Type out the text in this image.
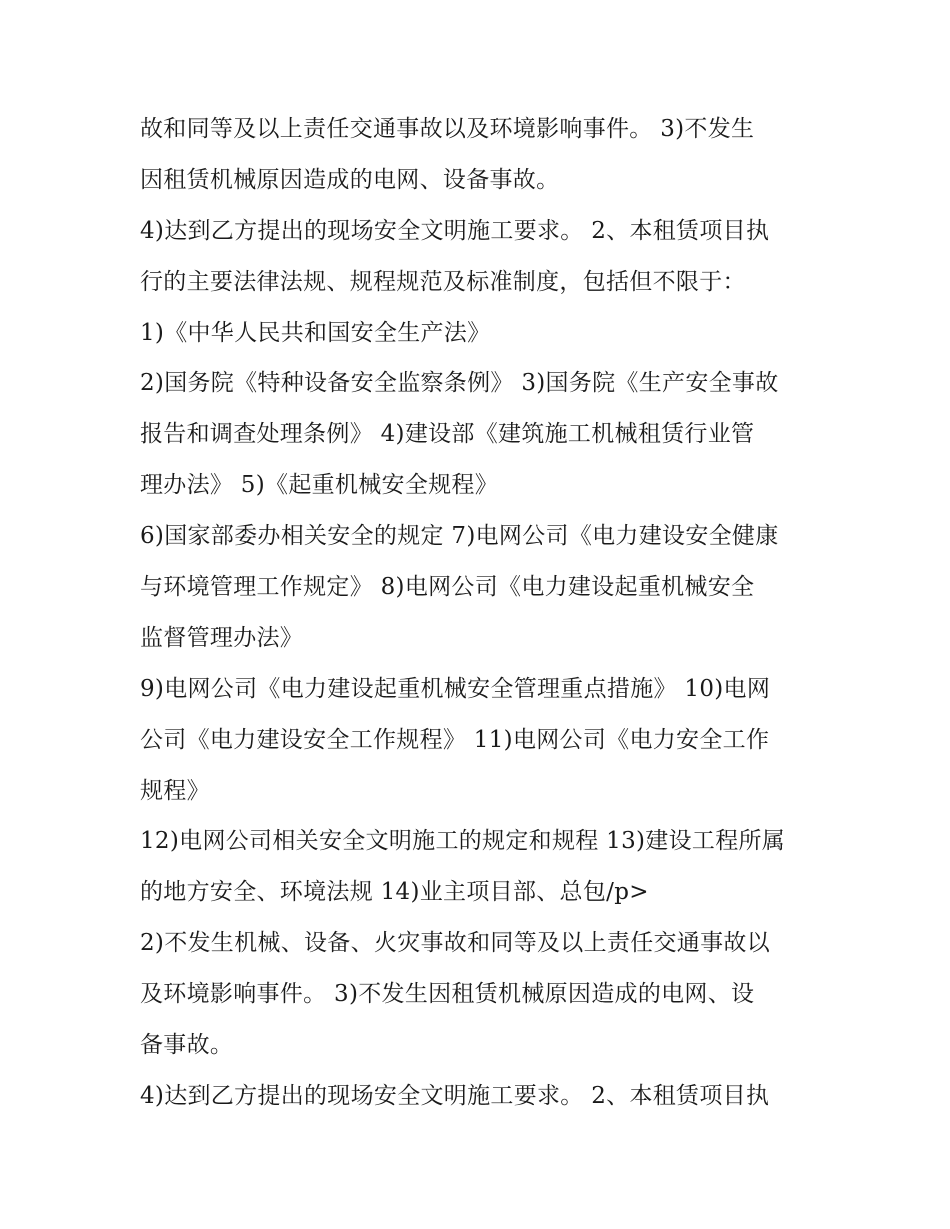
故和同等及以上责任交通事故以及环境影响事件。 3)不发生
因租赁机械原因造成的电网、设备事故。
4)达到乙方提出的现场安全文明施工要求。 2、本租赁项目执
行的主要法律法规、规程规范及标准制度，包括但不限于：
1)《中华人民共和国安全生产法》
2)国务院《特种设备安全监察条例》 3)国务院《生产安全事故
报告和调查处理条例》 4)建设部《建筑施工机械租赁行业管
理办法》 5)《起重机械安全规程》
6)国家部委办相关安全的规定 7)电网公司《电力建设安全健康
与环境管理工作规定》 8)电网公司《电力建设起重机械安全
监督管理办法》
9)电网公司《电力建设起重机械安全管理重点措施》 10)电网
公司《电力建设安全工作规程》 11)电网公司《电力安全工作
规程》
12)电网公司相关安全文明施工的规定和规程 13)建设工程所属
的地方安全、环境法规 14)业主项目部、总包/p>
2)不发生机械、设备、火灾事故和同等及以上责任交通事故以
及环境影响事件。 3)不发生因租赁机械原因造成的电网、设
备事故。
4)达到乙方提出的现场安全文明施工要求。 2、本租赁项目执
